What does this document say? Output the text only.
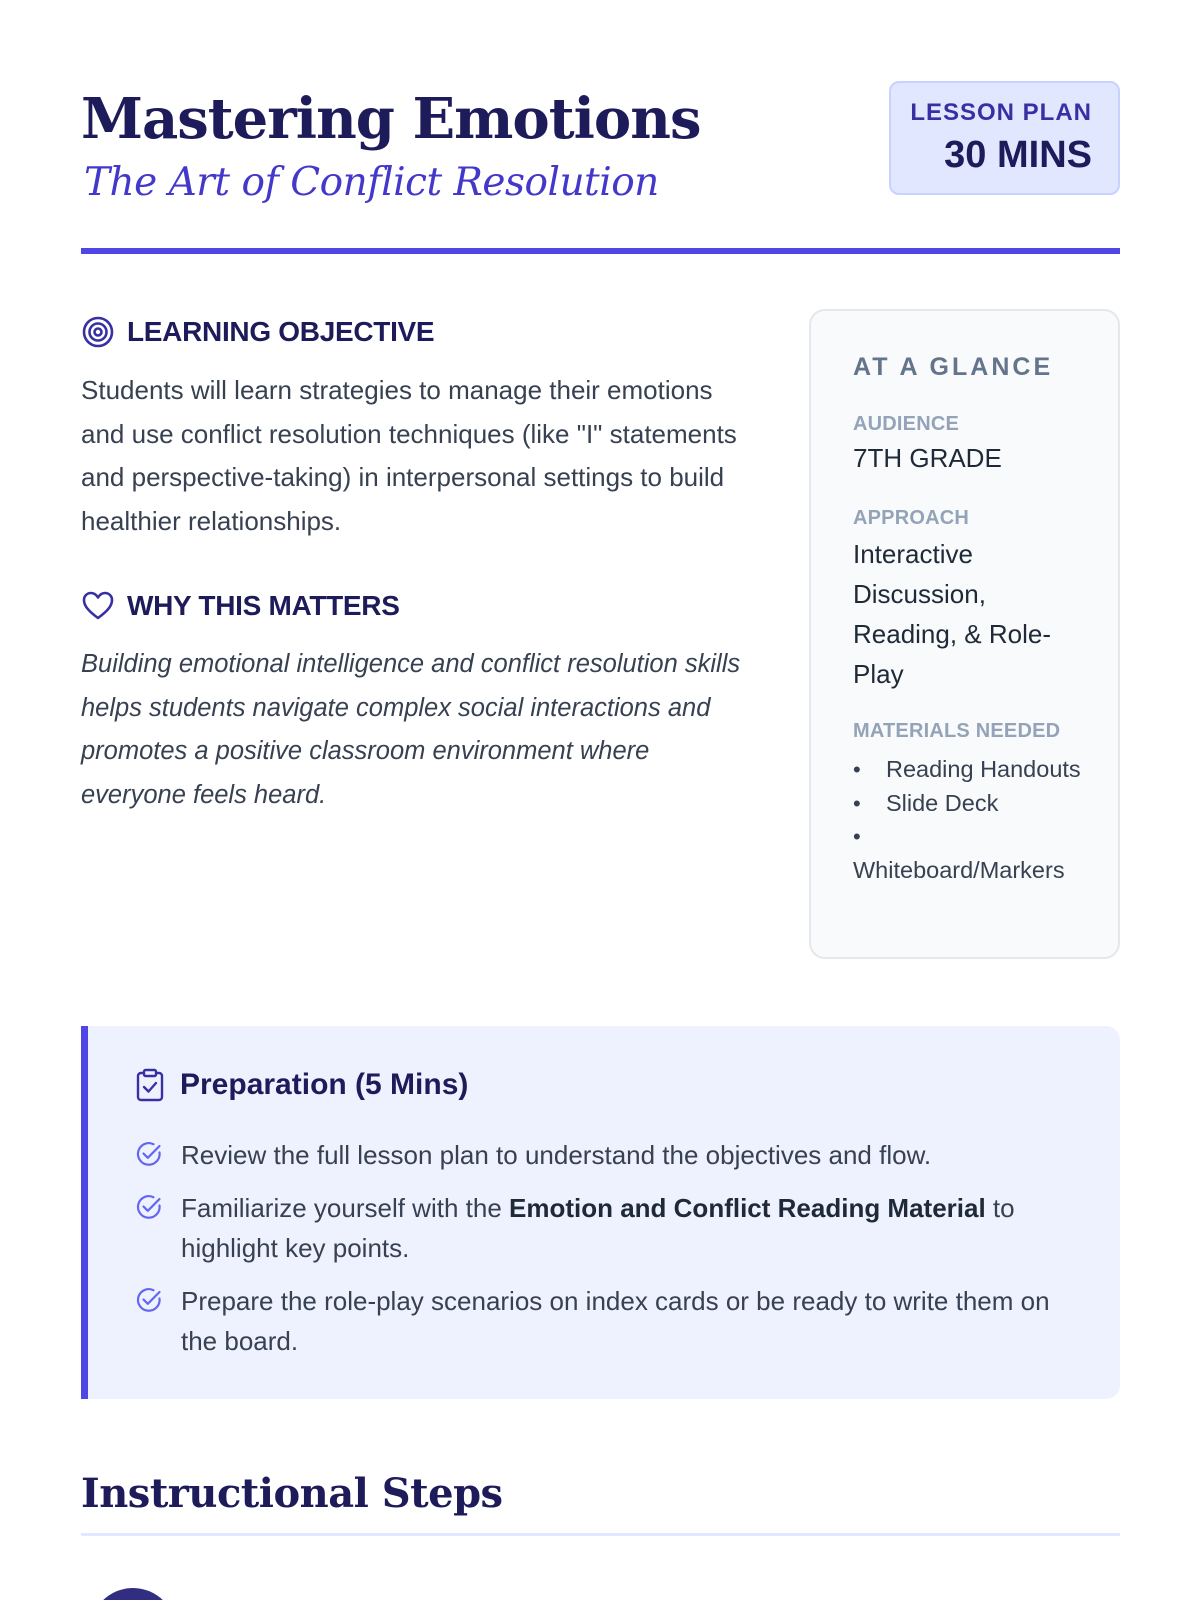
Mastering Emotions
The Art of Conflict Resolution
LESSON PLAN
30 MINS
LEARNING OBJECTIVE

Students will learn strategies to manage their emotions and use conflict resolution techniques (like "I" statements and perspective-taking) in interpersonal settings to build healthier relationships.

WHY THIS MATTERS

Building emotional intelligence and conflict resolution skills helps students navigate complex social interactions and promotes a positive classroom environment where everyone feels heard.

AT A GLANCE
AUDIENCE
7TH GRADE
APPROACH
Interactive Discussion, Reading, & Role-Play
MATERIALS NEEDED
• Reading Handouts
• Slide Deck
• Whiteboard/Markers
Preparation (5 Mins)
Review the full lesson plan to understand the objectives and flow.
Familiarize yourself with the Emotion and Conflict Reading Material to highlight key points.
Prepare the role-play scenarios on index cards or be ready to write them on the board.
Instructional Steps
